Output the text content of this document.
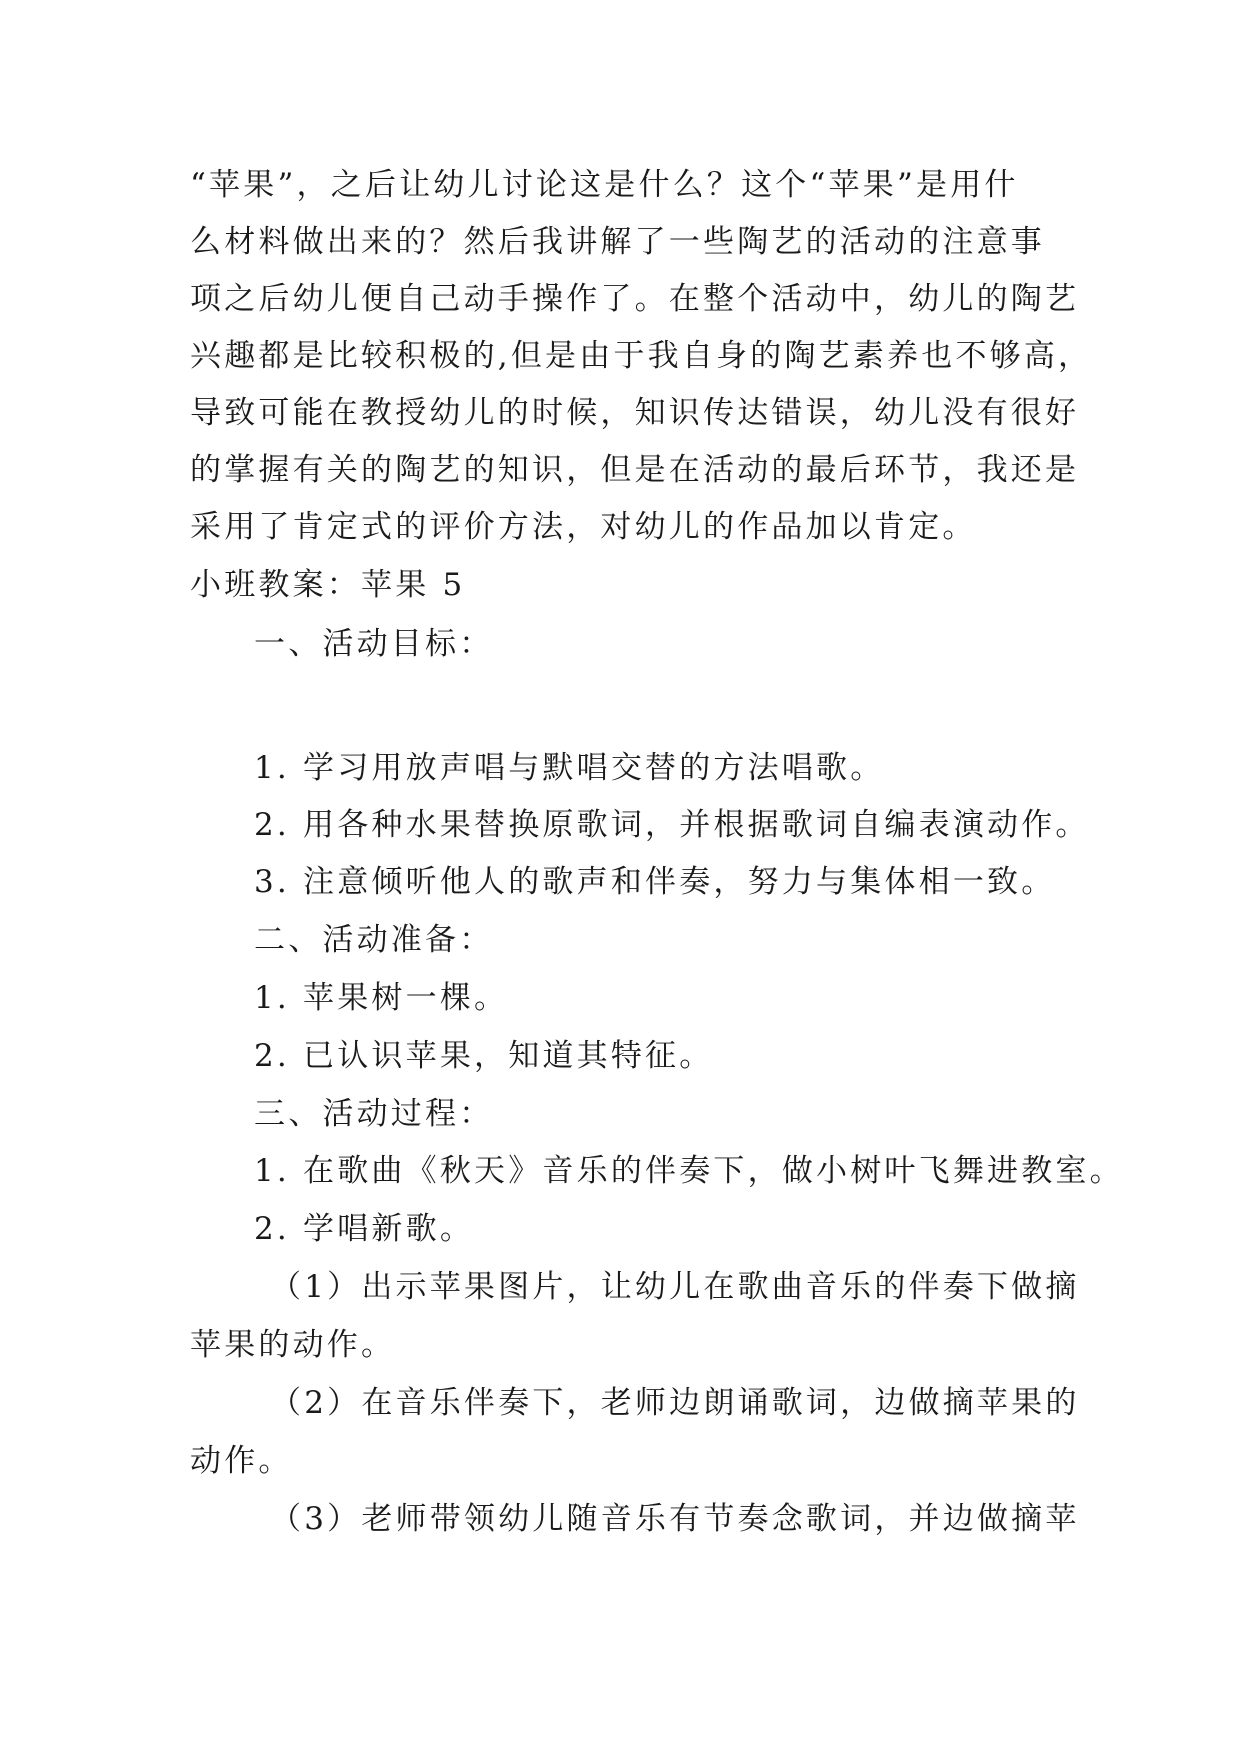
“苹果”，之后让幼儿讨论这是什么？这个“苹果”是用什
么材料做出来的？然后我讲解了一些陶艺的活动的注意事
项之后幼儿便自己动手操作了。在整个活动中，幼儿的陶艺
兴趣都是比较积极的,但是由于我自身的陶艺素养也不够高，
导致可能在教授幼儿的时候，知识传达错误，幼儿没有很好
的掌握有关的陶艺的知识，但是在活动的最后环节，我还是
采用了肯定式的评价方法，对幼儿的作品加以肯定。
小班教案：苹果 5
一、活动目标：
1. 学习用放声唱与默唱交替的方法唱歌。
2. 用各种水果替换原歌词，并根据歌词自编表演动作。
3. 注意倾听他人的歌声和伴奏，努力与集体相一致。
二、活动准备：
1. 苹果树一棵。
2. 已认识苹果，知道其特征。
三、活动过程：
1. 在歌曲《秋天》音乐的伴奏下，做小树叶飞舞进教室。
2. 学唱新歌。
（1）出示苹果图片，让幼儿在歌曲音乐的伴奏下做摘
苹果的动作。
（2）在音乐伴奏下，老师边朗诵歌词，边做摘苹果的
动作。
（3）老师带领幼儿随音乐有节奏念歌词，并边做摘苹
